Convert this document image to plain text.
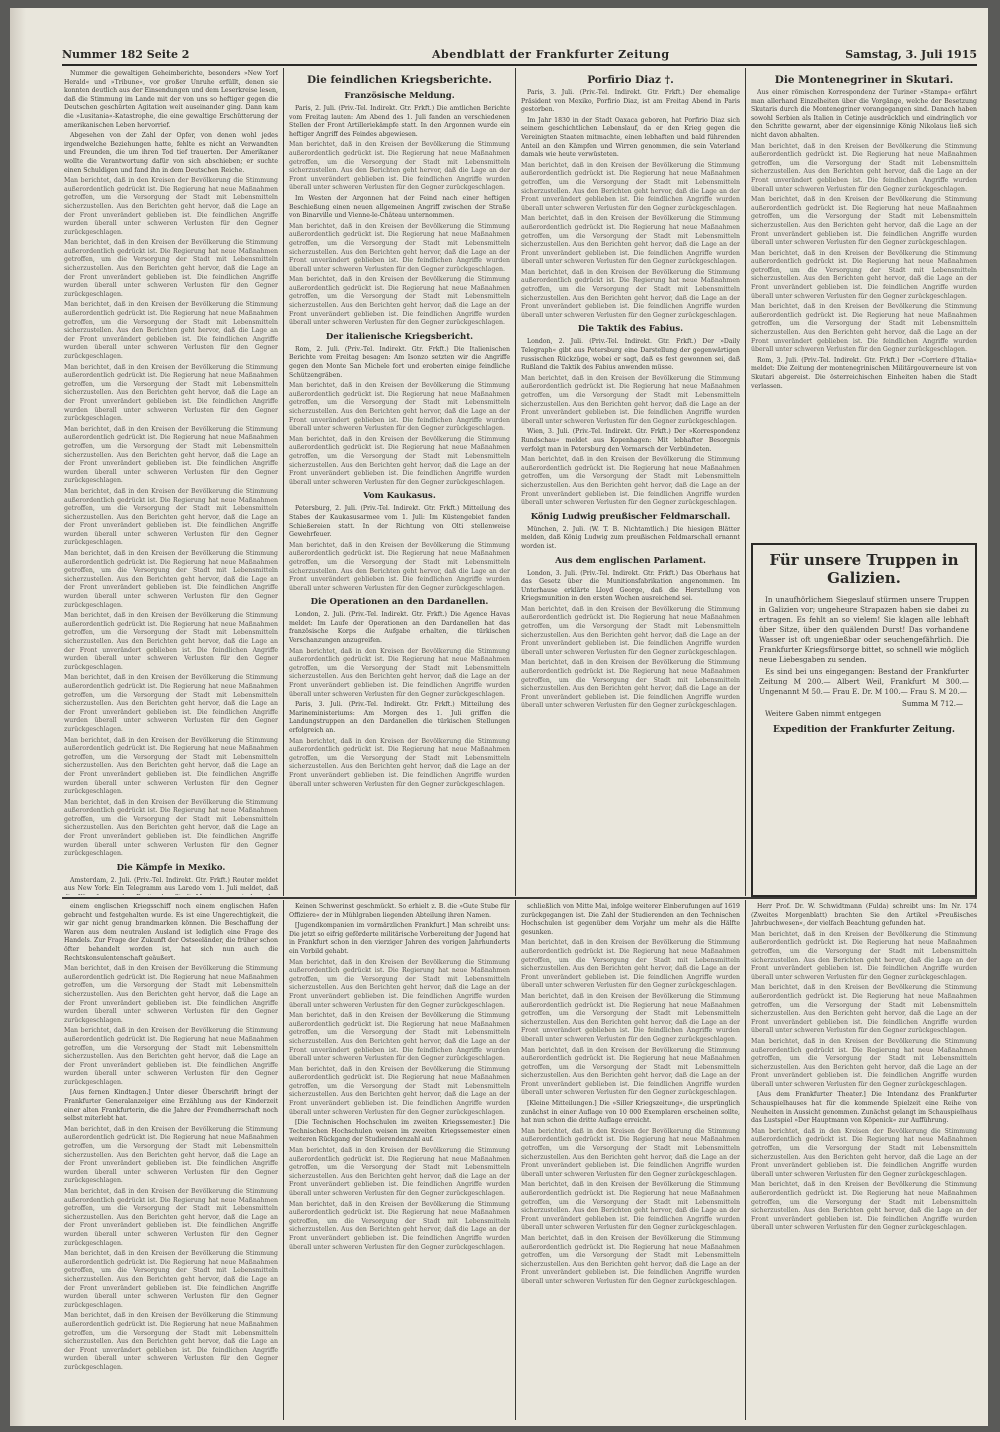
Nummer 182 Seite 2	Abendblatt der Frankfurter Zeitung	Samstag, 3. Juli 1915

Nummer die gewaltigen Geheimberichte, besonders »New Yorf Herald« und »Tribune«, vor großer Unruhe erfüllt, denen sie konnten deutlich aus der Einsendungen und dem Leserkreise lesen, daß die Stimmung im Lande mit der von uns so heftiger gegen die Deutschen geschürten Agitation weit auseinander ging. Dann kam die »Lusitania«-Katastrophe, die eine gewaltige Erschütterung der amerikanischen Leben hervorrief.

Abgesehen von der Zahl der Opfer, von denen wohl jedes irgendwelche Beziehungen hatte, fehlte es nicht an Verwandten und Freunden, die um ihren Tod tief trauerten. Der Amerikaner wollte die Verantwortung dafür von sich abschieben; er suchte einen Schuldigen und fand ihn in dem Deutschen Reiche.

Man berichtet, daß in den Kreisen der Bevölkerung die Stimmung außerordentlich gedrückt ist. Die Regierung hat neue Maßnahmen getroffen, um die Versorgung der Stadt mit Lebensmitteln sicherzustellen. Aus den Berichten geht hervor, daß die Lage an der Front unverändert geblieben ist. Die feindlichen Angriffe wurden überall unter schweren Verlusten für den Gegner zurückgeschlagen.

Man berichtet, daß in den Kreisen der Bevölkerung die Stimmung außerordentlich gedrückt ist. Die Regierung hat neue Maßnahmen getroffen, um die Versorgung der Stadt mit Lebensmitteln sicherzustellen. Aus den Berichten geht hervor, daß die Lage an der Front unverändert geblieben ist. Die feindlichen Angriffe wurden überall unter schweren Verlusten für den Gegner zurückgeschlagen.

Man berichtet, daß in den Kreisen der Bevölkerung die Stimmung außerordentlich gedrückt ist. Die Regierung hat neue Maßnahmen getroffen, um die Versorgung der Stadt mit Lebensmitteln sicherzustellen. Aus den Berichten geht hervor, daß die Lage an der Front unverändert geblieben ist. Die feindlichen Angriffe wurden überall unter schweren Verlusten für den Gegner zurückgeschlagen.

Man berichtet, daß in den Kreisen der Bevölkerung die Stimmung außerordentlich gedrückt ist. Die Regierung hat neue Maßnahmen getroffen, um die Versorgung der Stadt mit Lebensmitteln sicherzustellen. Aus den Berichten geht hervor, daß die Lage an der Front unverändert geblieben ist. Die feindlichen Angriffe wurden überall unter schweren Verlusten für den Gegner zurückgeschlagen.

Man berichtet, daß in den Kreisen der Bevölkerung die Stimmung außerordentlich gedrückt ist. Die Regierung hat neue Maßnahmen getroffen, um die Versorgung der Stadt mit Lebensmitteln sicherzustellen. Aus den Berichten geht hervor, daß die Lage an der Front unverändert geblieben ist. Die feindlichen Angriffe wurden überall unter schweren Verlusten für den Gegner zurückgeschlagen.

Man berichtet, daß in den Kreisen der Bevölkerung die Stimmung außerordentlich gedrückt ist. Die Regierung hat neue Maßnahmen getroffen, um die Versorgung der Stadt mit Lebensmitteln sicherzustellen. Aus den Berichten geht hervor, daß die Lage an der Front unverändert geblieben ist. Die feindlichen Angriffe wurden überall unter schweren Verlusten für den Gegner zurückgeschlagen.

Man berichtet, daß in den Kreisen der Bevölkerung die Stimmung außerordentlich gedrückt ist. Die Regierung hat neue Maßnahmen getroffen, um die Versorgung der Stadt mit Lebensmitteln sicherzustellen. Aus den Berichten geht hervor, daß die Lage an der Front unverändert geblieben ist. Die feindlichen Angriffe wurden überall unter schweren Verlusten für den Gegner zurückgeschlagen.

Man berichtet, daß in den Kreisen der Bevölkerung die Stimmung außerordentlich gedrückt ist. Die Regierung hat neue Maßnahmen getroffen, um die Versorgung der Stadt mit Lebensmitteln sicherzustellen. Aus den Berichten geht hervor, daß die Lage an der Front unverändert geblieben ist. Die feindlichen Angriffe wurden überall unter schweren Verlusten für den Gegner zurückgeschlagen.

Man berichtet, daß in den Kreisen der Bevölkerung die Stimmung außerordentlich gedrückt ist. Die Regierung hat neue Maßnahmen getroffen, um die Versorgung der Stadt mit Lebensmitteln sicherzustellen. Aus den Berichten geht hervor, daß die Lage an der Front unverändert geblieben ist. Die feindlichen Angriffe wurden überall unter schweren Verlusten für den Gegner zurückgeschlagen.

Man berichtet, daß in den Kreisen der Bevölkerung die Stimmung außerordentlich gedrückt ist. Die Regierung hat neue Maßnahmen getroffen, um die Versorgung der Stadt mit Lebensmitteln sicherzustellen. Aus den Berichten geht hervor, daß die Lage an der Front unverändert geblieben ist. Die feindlichen Angriffe wurden überall unter schweren Verlusten für den Gegner zurückgeschlagen.

Man berichtet, daß in den Kreisen der Bevölkerung die Stimmung außerordentlich gedrückt ist. Die Regierung hat neue Maßnahmen getroffen, um die Versorgung der Stadt mit Lebensmitteln sicherzustellen. Aus den Berichten geht hervor, daß die Lage an der Front unverändert geblieben ist. Die feindlichen Angriffe wurden überall unter schweren Verlusten für den Gegner zurückgeschlagen.

Die Kämpfe in Mexiko.

Amsterdam, 2. Juli. (Priv.-Tel. Indirekt. Gtr. Frkft.) Reuter meldet aus New York: Ein Telegramm aus Laredo vom 1. Juli meldet, daß

Die feindlichen Kriegsberichte.
Französische Meldung.

Paris, 2. Juli. (Priv.-Tel. Indirekt. Gtr. Frkft.) Die amtlichen Berichte vom Freitag lauten: Am Abend des 1. Juli fanden an verschiedenen Stellen der Front Artilleriekämpfe statt. In den Argonnen wurde ein heftiger Angriff des Feindes abgewiesen.

Man berichtet, daß in den Kreisen der Bevölkerung die Stimmung außerordentlich gedrückt ist. Die Regierung hat neue Maßnahmen getroffen, um die Versorgung der Stadt mit Lebensmitteln sicherzustellen. Aus den Berichten geht hervor, daß die Lage an der Front unverändert geblieben ist. Die feindlichen Angriffe wurden überall unter schweren Verlusten für den Gegner zurückgeschlagen.

Im Westen der Argonnen hat der Feind nach einer heftigen Beschießung einen neuen allgemeinen Angriff zwischen der Straße von Binarville und Vienne-le-Château unternommen.

Man berichtet, daß in den Kreisen der Bevölkerung die Stimmung außerordentlich gedrückt ist. Die Regierung hat neue Maßnahmen getroffen, um die Versorgung der Stadt mit Lebensmitteln sicherzustellen. Aus den Berichten geht hervor, daß die Lage an der Front unverändert geblieben ist. Die feindlichen Angriffe wurden überall unter schweren Verlusten für den Gegner zurückgeschlagen.

Man berichtet, daß in den Kreisen der Bevölkerung die Stimmung außerordentlich gedrückt ist. Die Regierung hat neue Maßnahmen getroffen, um die Versorgung der Stadt mit Lebensmitteln sicherzustellen. Aus den Berichten geht hervor, daß die Lage an der Front unverändert geblieben ist. Die feindlichen Angriffe wurden überall unter schweren Verlusten für den Gegner zurückgeschlagen.

Der italienische Kriegsbericht.

Rom, 2. Juli. (Priv.-Tel. Indirekt. Gtr. Frkft.) Die Italienischen Berichte vom Freitag besagen: Am Isonzo setzten wir die Angriffe gegen den Monte San Michele fort und eroberten einige feindliche Schützengräben.

Man berichtet, daß in den Kreisen der Bevölkerung die Stimmung außerordentlich gedrückt ist. Die Regierung hat neue Maßnahmen getroffen, um die Versorgung der Stadt mit Lebensmitteln sicherzustellen. Aus den Berichten geht hervor, daß die Lage an der Front unverändert geblieben ist. Die feindlichen Angriffe wurden überall unter schweren Verlusten für den Gegner zurückgeschlagen.

Man berichtet, daß in den Kreisen der Bevölkerung die Stimmung außerordentlich gedrückt ist. Die Regierung hat neue Maßnahmen getroffen, um die Versorgung der Stadt mit Lebensmitteln sicherzustellen. Aus den Berichten geht hervor, daß die Lage an der Front unverändert geblieben ist. Die feindlichen Angriffe wurden überall unter schweren Verlusten für den Gegner zurückgeschlagen.

Vom Kaukasus.

Petersburg, 2. Juli. (Priv.-Tel. Indirekt. Gtr. Frkft.) Mitteilung des Stabes der Kaukasusarmee vom 1. Juli: Im Küstengebiet fanden Schießereien statt. In der Richtung von Olti stellenweise Gewehrfeuer.

Man berichtet, daß in den Kreisen der Bevölkerung die Stimmung außerordentlich gedrückt ist. Die Regierung hat neue Maßnahmen getroffen, um die Versorgung der Stadt mit Lebensmitteln sicherzustellen. Aus den Berichten geht hervor, daß die Lage an der Front unverändert geblieben ist. Die feindlichen Angriffe wurden überall unter schweren Verlusten für den Gegner zurückgeschlagen.

Die Operationen an den Dardanellen.

London, 2. Juli. (Priv.-Tel. Indirekt. Gtr. Frkft.) Die Agence Havas meldet: Im Laufe der Operationen an den Dardanellen hat das französische Korps die Aufgabe erhalten, die türkischen Verschanzungen anzugreifen.

Man berichtet, daß in den Kreisen der Bevölkerung die Stimmung außerordentlich gedrückt ist. Die Regierung hat neue Maßnahmen getroffen, um die Versorgung der Stadt mit Lebensmitteln sicherzustellen. Aus den Berichten geht hervor, daß die Lage an der Front unverändert geblieben ist. Die feindlichen Angriffe wurden überall unter schweren Verlusten für den Gegner zurückgeschlagen.

Paris, 3. Juli. (Priv.-Tel. Indirekt. Gtr. Frkft.) Mitteilung des Marineministeriums: Am Morgen des 1. Juli griffen die Landungstruppen an den Dardanellen die türkischen Stellungen erfolgreich an.

Man berichtet, daß in den Kreisen der Bevölkerung die Stimmung außerordentlich gedrückt ist. Die Regierung hat neue Maßnahmen getroffen, um die Versorgung der Stadt mit Lebensmitteln sicherzustellen. Aus den Berichten geht hervor, daß die Lage an der Front unverändert geblieben ist. Die feindlichen Angriffe wurden überall unter schweren Verlusten für den Gegner zurückgeschlagen.

Porfirio Diaz †.

Paris, 3. Juli. (Priv.-Tel. Indirekt. Gtr. Frkft.) Der ehemalige Präsident von Mexiko, Porfirio Diaz, ist am Freitag Abend in Paris gestorben.

Im Jahr 1830 in der Stadt Oaxaca geboren, hat Porfirio Diaz sich seinem geschichtlichen Lebenslauf, da er den Krieg gegen die Vereinigten Staaten mitmachte, einen lebhaften und bald führenden Anteil an den Kämpfen und Wirren genommen, die sein Vaterland damals wie heute verwüsteten.

Man berichtet, daß in den Kreisen der Bevölkerung die Stimmung außerordentlich gedrückt ist. Die Regierung hat neue Maßnahmen getroffen, um die Versorgung der Stadt mit Lebensmitteln sicherzustellen. Aus den Berichten geht hervor, daß die Lage an der Front unverändert geblieben ist. Die feindlichen Angriffe wurden überall unter schweren Verlusten für den Gegner zurückgeschlagen.

Man berichtet, daß in den Kreisen der Bevölkerung die Stimmung außerordentlich gedrückt ist. Die Regierung hat neue Maßnahmen getroffen, um die Versorgung der Stadt mit Lebensmitteln sicherzustellen. Aus den Berichten geht hervor, daß die Lage an der Front unverändert geblieben ist. Die feindlichen Angriffe wurden überall unter schweren Verlusten für den Gegner zurückgeschlagen.

Man berichtet, daß in den Kreisen der Bevölkerung die Stimmung außerordentlich gedrückt ist. Die Regierung hat neue Maßnahmen getroffen, um die Versorgung der Stadt mit Lebensmitteln sicherzustellen. Aus den Berichten geht hervor, daß die Lage an der Front unverändert geblieben ist. Die feindlichen Angriffe wurden überall unter schweren Verlusten für den Gegner zurückgeschlagen.

Die Taktik des Fabius.

London, 2. Juli. (Priv.-Tel. Indirekt. Gtr. Frkft.) Der »Daily Telegraph« gibt aus Petersburg eine Darstellung der gegenwärtigen russischen Rückzüge, wobei er sagt, daß es fest gewonnen sei, daß Rußland die Taktik des Fabius anwenden müsse.

Man berichtet, daß in den Kreisen der Bevölkerung die Stimmung außerordentlich gedrückt ist. Die Regierung hat neue Maßnahmen getroffen, um die Versorgung der Stadt mit Lebensmitteln sicherzustellen. Aus den Berichten geht hervor, daß die Lage an der Front unverändert geblieben ist. Die feindlichen Angriffe wurden überall unter schweren Verlusten für den Gegner zurückgeschlagen.

Wien, 3. Juli. (Priv.-Tel. Indirekt. Gtr. Frkft.) Der »Korrespondenz Rundschau« meldet aus Kopenhagen: Mit lebhafter Besorgnis verfolgt man in Petersburg den Vormarsch der Verbündeten.

Man berichtet, daß in den Kreisen der Bevölkerung die Stimmung außerordentlich gedrückt ist. Die Regierung hat neue Maßnahmen getroffen, um die Versorgung der Stadt mit Lebensmitteln sicherzustellen. Aus den Berichten geht hervor, daß die Lage an der Front unverändert geblieben ist. Die feindlichen Angriffe wurden überall unter schweren Verlusten für den Gegner zurückgeschlagen.

König Ludwig preußischer Feldmarschall.

München, 2. Juli. (W. T. B. Nichtamtlich.) Die hiesigen Blätter melden, daß König Ludwig zum preußischen Feldmarschall ernannt worden ist.

Aus dem englischen Parlament.

London, 3. Juli. (Priv.-Tel. Indirekt. Gtr. Frkft.) Das Oberhaus hat das Gesetz über die Munitionsfabrikation angenommen. Im Unterhause erklärte Lloyd George, daß die Herstellung von Kriegsmunition in den ersten Wochen ausreichend sei.

Man berichtet, daß in den Kreisen der Bevölkerung die Stimmung außerordentlich gedrückt ist. Die Regierung hat neue Maßnahmen getroffen, um die Versorgung der Stadt mit Lebensmitteln sicherzustellen. Aus den Berichten geht hervor, daß die Lage an der Front unverändert geblieben ist. Die feindlichen Angriffe wurden überall unter schweren Verlusten für den Gegner zurückgeschlagen.

Man berichtet, daß in den Kreisen der Bevölkerung die Stimmung außerordentlich gedrückt ist. Die Regierung hat neue Maßnahmen getroffen, um die Versorgung der Stadt mit Lebensmitteln sicherzustellen. Aus den Berichten geht hervor, daß die Lage an der Front unverändert geblieben ist. Die feindlichen Angriffe wurden überall unter schweren Verlusten für den Gegner zurückgeschlagen.

Die Montenegriner in Skutari.

Aus einer römischen Korrespondenz der Turiner »Stampa« erfährt man allerhand Einzelheiten über die Vorgänge, welche der Besetzung Skutaris durch die Montenegriner vorangegangen sind. Danach haben sowohl Serbien als Italien in Cetinje ausdrücklich und eindringlich vor den Schritte gewarnt, aber der eigensinnige König Nikolaus ließ sich nicht davon abhalten.

Man berichtet, daß in den Kreisen der Bevölkerung die Stimmung außerordentlich gedrückt ist. Die Regierung hat neue Maßnahmen getroffen, um die Versorgung der Stadt mit Lebensmitteln sicherzustellen. Aus den Berichten geht hervor, daß die Lage an der Front unverändert geblieben ist. Die feindlichen Angriffe wurden überall unter schweren Verlusten für den Gegner zurückgeschlagen.

Man berichtet, daß in den Kreisen der Bevölkerung die Stimmung außerordentlich gedrückt ist. Die Regierung hat neue Maßnahmen getroffen, um die Versorgung der Stadt mit Lebensmitteln sicherzustellen. Aus den Berichten geht hervor, daß die Lage an der Front unverändert geblieben ist. Die feindlichen Angriffe wurden überall unter schweren Verlusten für den Gegner zurückgeschlagen.

Man berichtet, daß in den Kreisen der Bevölkerung die Stimmung außerordentlich gedrückt ist. Die Regierung hat neue Maßnahmen getroffen, um die Versorgung der Stadt mit Lebensmitteln sicherzustellen. Aus den Berichten geht hervor, daß die Lage an der Front unverändert geblieben ist. Die feindlichen Angriffe wurden überall unter schweren Verlusten für den Gegner zurückgeschlagen.

Man berichtet, daß in den Kreisen der Bevölkerung die Stimmung außerordentlich gedrückt ist. Die Regierung hat neue Maßnahmen getroffen, um die Versorgung der Stadt mit Lebensmitteln sicherzustellen. Aus den Berichten geht hervor, daß die Lage an der Front unverändert geblieben ist. Die feindlichen Angriffe wurden überall unter schweren Verlusten für den Gegner zurückgeschlagen.

Rom, 3. Juli. (Priv.-Tel. Indirekt. Gtr. Frkft.) Der »Corriere d'Italia« meldet: Die Zeitung der montenegrinischen Militärgouverneure ist von Skutari abgereist. Die österreichischen Einheiten haben die Stadt verlassen.

Für unsere Truppen in Galizien.

In unaufhörlichem Siegeslauf stürmen unsere Truppen in Galizien vor; ungeheure Strapazen haben sie dabei zu ertragen. Es fehlt an so vielem! Sie klagen alle lebhaft über Sitze, über den quälenden Durst! Das vorhandene Wasser ist oft ungenießbar oder seuchengefährlich. Die Frankfurter Kriegsfürsorge bittet, so schnell wie möglich neue Liebesgaben zu senden.

Es sind bei uns eingegangen: Bestand der Frankfurter Zeitung M 200.— Albert Weil, Frankfurt M 300.— Ungenannt M 50.— Frau E. Dr. M 100.— Frau S. M 20.—

Summa M 712.—

Weitere Gaben nimmt entgegen

Expedition der Frankfurter Zeitung.

einem englischen Kriegsschiff noch einem englischen Hafen gebracht und festgehalten wurde. Es ist eine Ungerechtigkeit, die wir gar nicht genug brandmarken können. Die Beschaffung der Waren aus dem neutralen Ausland ist lediglich eine Frage des Handels. Zur Frage der Zukunft der Ostseeländer, die früher schon öfter behandelt worden ist, hat sich nun auch die Rechtskonsulentenschaft geäußert.

Man berichtet, daß in den Kreisen der Bevölkerung die Stimmung außerordentlich gedrückt ist. Die Regierung hat neue Maßnahmen getroffen, um die Versorgung der Stadt mit Lebensmitteln sicherzustellen. Aus den Berichten geht hervor, daß die Lage an der Front unverändert geblieben ist. Die feindlichen Angriffe wurden überall unter schweren Verlusten für den Gegner zurückgeschlagen.

Man berichtet, daß in den Kreisen der Bevölkerung die Stimmung außerordentlich gedrückt ist. Die Regierung hat neue Maßnahmen getroffen, um die Versorgung der Stadt mit Lebensmitteln sicherzustellen. Aus den Berichten geht hervor, daß die Lage an der Front unverändert geblieben ist. Die feindlichen Angriffe wurden überall unter schweren Verlusten für den Gegner zurückgeschlagen.

[Aus fernen Kindtagen.] Unter dieser Überschrift bringt der Frankfurter Generalanzeiger eine Erzählung aus der Kinderzeit einer alten Frankfurterin, die die Jahre der Fremdherrschaft noch selbst miterlebt hat.

Man berichtet, daß in den Kreisen der Bevölkerung die Stimmung außerordentlich gedrückt ist. Die Regierung hat neue Maßnahmen getroffen, um die Versorgung der Stadt mit Lebensmitteln sicherzustellen. Aus den Berichten geht hervor, daß die Lage an der Front unverändert geblieben ist. Die feindlichen Angriffe wurden überall unter schweren Verlusten für den Gegner zurückgeschlagen.

Man berichtet, daß in den Kreisen der Bevölkerung die Stimmung außerordentlich gedrückt ist. Die Regierung hat neue Maßnahmen getroffen, um die Versorgung der Stadt mit Lebensmitteln sicherzustellen. Aus den Berichten geht hervor, daß die Lage an der Front unverändert geblieben ist. Die feindlichen Angriffe wurden überall unter schweren Verlusten für den Gegner zurückgeschlagen.

Man berichtet, daß in den Kreisen der Bevölkerung die Stimmung außerordentlich gedrückt ist. Die Regierung hat neue Maßnahmen getroffen, um die Versorgung der Stadt mit Lebensmitteln sicherzustellen. Aus den Berichten geht hervor, daß die Lage an der Front unverändert geblieben ist. Die feindlichen Angriffe wurden überall unter schweren Verlusten für den Gegner zurückgeschlagen.

Man berichtet, daß in den Kreisen der Bevölkerung die Stimmung außerordentlich gedrückt ist. Die Regierung hat neue Maßnahmen getroffen, um die Versorgung der Stadt mit Lebensmitteln sicherzustellen. Aus den Berichten geht hervor, daß die Lage an der Front unverändert geblieben ist. Die feindlichen Angriffe wurden überall unter schweren Verlusten für den Gegner zurückgeschlagen.

Keinen Schwerinst geschmückt. So erhielt z. B. die »Gute Stube für Offiziere« der in Mühlgraben liegenden Abteilung ihren Namen.

[Jugendkompanien im vormärzlichen Frankfurt.] Man schreibt uns: Die jetzt so eifrig geförderte militärische Vorbereitung der Jugend hat in Frankfurt schon in den vierziger Jahren des vorigen Jahrhunderts ein Vorbild gehabt.

Man berichtet, daß in den Kreisen der Bevölkerung die Stimmung außerordentlich gedrückt ist. Die Regierung hat neue Maßnahmen getroffen, um die Versorgung der Stadt mit Lebensmitteln sicherzustellen. Aus den Berichten geht hervor, daß die Lage an der Front unverändert geblieben ist. Die feindlichen Angriffe wurden überall unter schweren Verlusten für den Gegner zurückgeschlagen.

Man berichtet, daß in den Kreisen der Bevölkerung die Stimmung außerordentlich gedrückt ist. Die Regierung hat neue Maßnahmen getroffen, um die Versorgung der Stadt mit Lebensmitteln sicherzustellen. Aus den Berichten geht hervor, daß die Lage an der Front unverändert geblieben ist. Die feindlichen Angriffe wurden überall unter schweren Verlusten für den Gegner zurückgeschlagen.

Man berichtet, daß in den Kreisen der Bevölkerung die Stimmung außerordentlich gedrückt ist. Die Regierung hat neue Maßnahmen getroffen, um die Versorgung der Stadt mit Lebensmitteln sicherzustellen. Aus den Berichten geht hervor, daß die Lage an der Front unverändert geblieben ist. Die feindlichen Angriffe wurden überall unter schweren Verlusten für den Gegner zurückgeschlagen.

[Die Technischen Hochschulen im zweiten Kriegssemester.] Die Technischen Hochschulen weisen im zweiten Kriegssemester einen weiteren Rückgang der Studierendenzahl auf.

Man berichtet, daß in den Kreisen der Bevölkerung die Stimmung außerordentlich gedrückt ist. Die Regierung hat neue Maßnahmen getroffen, um die Versorgung der Stadt mit Lebensmitteln sicherzustellen. Aus den Berichten geht hervor, daß die Lage an der Front unverändert geblieben ist. Die feindlichen Angriffe wurden überall unter schweren Verlusten für den Gegner zurückgeschlagen.

Man berichtet, daß in den Kreisen der Bevölkerung die Stimmung außerordentlich gedrückt ist. Die Regierung hat neue Maßnahmen getroffen, um die Versorgung der Stadt mit Lebensmitteln sicherzustellen. Aus den Berichten geht hervor, daß die Lage an der Front unverändert geblieben ist. Die feindlichen Angriffe wurden überall unter schweren Verlusten für den Gegner zurückgeschlagen.

schließlich von Mitte Mai, infolge weiterer Einberufungen auf 1619 zurückgegangen ist. Die Zahl der Studierenden an den Technischen Hochschulen ist gegenüber dem Vorjahr um mehr als die Hälfte gesunken.

Man berichtet, daß in den Kreisen der Bevölkerung die Stimmung außerordentlich gedrückt ist. Die Regierung hat neue Maßnahmen getroffen, um die Versorgung der Stadt mit Lebensmitteln sicherzustellen. Aus den Berichten geht hervor, daß die Lage an der Front unverändert geblieben ist. Die feindlichen Angriffe wurden überall unter schweren Verlusten für den Gegner zurückgeschlagen.

Man berichtet, daß in den Kreisen der Bevölkerung die Stimmung außerordentlich gedrückt ist. Die Regierung hat neue Maßnahmen getroffen, um die Versorgung der Stadt mit Lebensmitteln sicherzustellen. Aus den Berichten geht hervor, daß die Lage an der Front unverändert geblieben ist. Die feindlichen Angriffe wurden überall unter schweren Verlusten für den Gegner zurückgeschlagen.

Man berichtet, daß in den Kreisen der Bevölkerung die Stimmung außerordentlich gedrückt ist. Die Regierung hat neue Maßnahmen getroffen, um die Versorgung der Stadt mit Lebensmitteln sicherzustellen. Aus den Berichten geht hervor, daß die Lage an der Front unverändert geblieben ist. Die feindlichen Angriffe wurden überall unter schweren Verlusten für den Gegner zurückgeschlagen.

[Kleine Mitteilungen.] Die »Siller Kriegszeitung«, die ursprünglich zunächst in einer Auflage von 10 000 Exemplaren erscheinen sollte, hat nun schon die dritte Auflage erreicht.

Man berichtet, daß in den Kreisen der Bevölkerung die Stimmung außerordentlich gedrückt ist. Die Regierung hat neue Maßnahmen getroffen, um die Versorgung der Stadt mit Lebensmitteln sicherzustellen. Aus den Berichten geht hervor, daß die Lage an der Front unverändert geblieben ist. Die feindlichen Angriffe wurden überall unter schweren Verlusten für den Gegner zurückgeschlagen.

Man berichtet, daß in den Kreisen der Bevölkerung die Stimmung außerordentlich gedrückt ist. Die Regierung hat neue Maßnahmen getroffen, um die Versorgung der Stadt mit Lebensmitteln sicherzustellen. Aus den Berichten geht hervor, daß die Lage an der Front unverändert geblieben ist. Die feindlichen Angriffe wurden überall unter schweren Verlusten für den Gegner zurückgeschlagen.

Man berichtet, daß in den Kreisen der Bevölkerung die Stimmung außerordentlich gedrückt ist. Die Regierung hat neue Maßnahmen getroffen, um die Versorgung der Stadt mit Lebensmitteln sicherzustellen. Aus den Berichten geht hervor, daß die Lage an der Front unverändert geblieben ist. Die feindlichen Angriffe wurden überall unter schweren Verlusten für den Gegner zurückgeschlagen.

Herr Prof. Dr. W. Schwidtmann (Fulda) schreibt uns: Im Nr. 174 (Zweites Morgenblatt) brachten Sie den Artikel »Preußisches Jahrbuchwesen«, der vielfach Beachtung gefunden hat.

Man berichtet, daß in den Kreisen der Bevölkerung die Stimmung außerordentlich gedrückt ist. Die Regierung hat neue Maßnahmen getroffen, um die Versorgung der Stadt mit Lebensmitteln sicherzustellen. Aus den Berichten geht hervor, daß die Lage an der Front unverändert geblieben ist. Die feindlichen Angriffe wurden überall unter schweren Verlusten für den Gegner zurückgeschlagen.

Man berichtet, daß in den Kreisen der Bevölkerung die Stimmung außerordentlich gedrückt ist. Die Regierung hat neue Maßnahmen getroffen, um die Versorgung der Stadt mit Lebensmitteln sicherzustellen. Aus den Berichten geht hervor, daß die Lage an der Front unverändert geblieben ist. Die feindlichen Angriffe wurden überall unter schweren Verlusten für den Gegner zurückgeschlagen.

Man berichtet, daß in den Kreisen der Bevölkerung die Stimmung außerordentlich gedrückt ist. Die Regierung hat neue Maßnahmen getroffen, um die Versorgung der Stadt mit Lebensmitteln sicherzustellen. Aus den Berichten geht hervor, daß die Lage an der Front unverändert geblieben ist. Die feindlichen Angriffe wurden überall unter schweren Verlusten für den Gegner zurückgeschlagen.

[Aus dem Frankfurter Theater.] Die Intendanz des Frankfurter Schauspielhauses hat für die kommende Spielzeit eine Reihe von Neuheiten in Aussicht genommen. Zunächst gelangt im Schauspielhaus das Lustspiel »Der Hauptmann von Köpenick« zur Aufführung.

Man berichtet, daß in den Kreisen der Bevölkerung die Stimmung außerordentlich gedrückt ist. Die Regierung hat neue Maßnahmen getroffen, um die Versorgung der Stadt mit Lebensmitteln sicherzustellen. Aus den Berichten geht hervor, daß die Lage an der Front unverändert geblieben ist. Die feindlichen Angriffe wurden überall unter schweren Verlusten für den Gegner zurückgeschlagen.

Man berichtet, daß in den Kreisen der Bevölkerung die Stimmung außerordentlich gedrückt ist. Die Regierung hat neue Maßnahmen getroffen, um die Versorgung der Stadt mit Lebensmitteln sicherzustellen. Aus den Berichten geht hervor, daß die Lage an der Front unverändert geblieben ist. Die feindlichen Angriffe wurden überall unter schweren Verlusten für den Gegner zurückgeschlagen.
